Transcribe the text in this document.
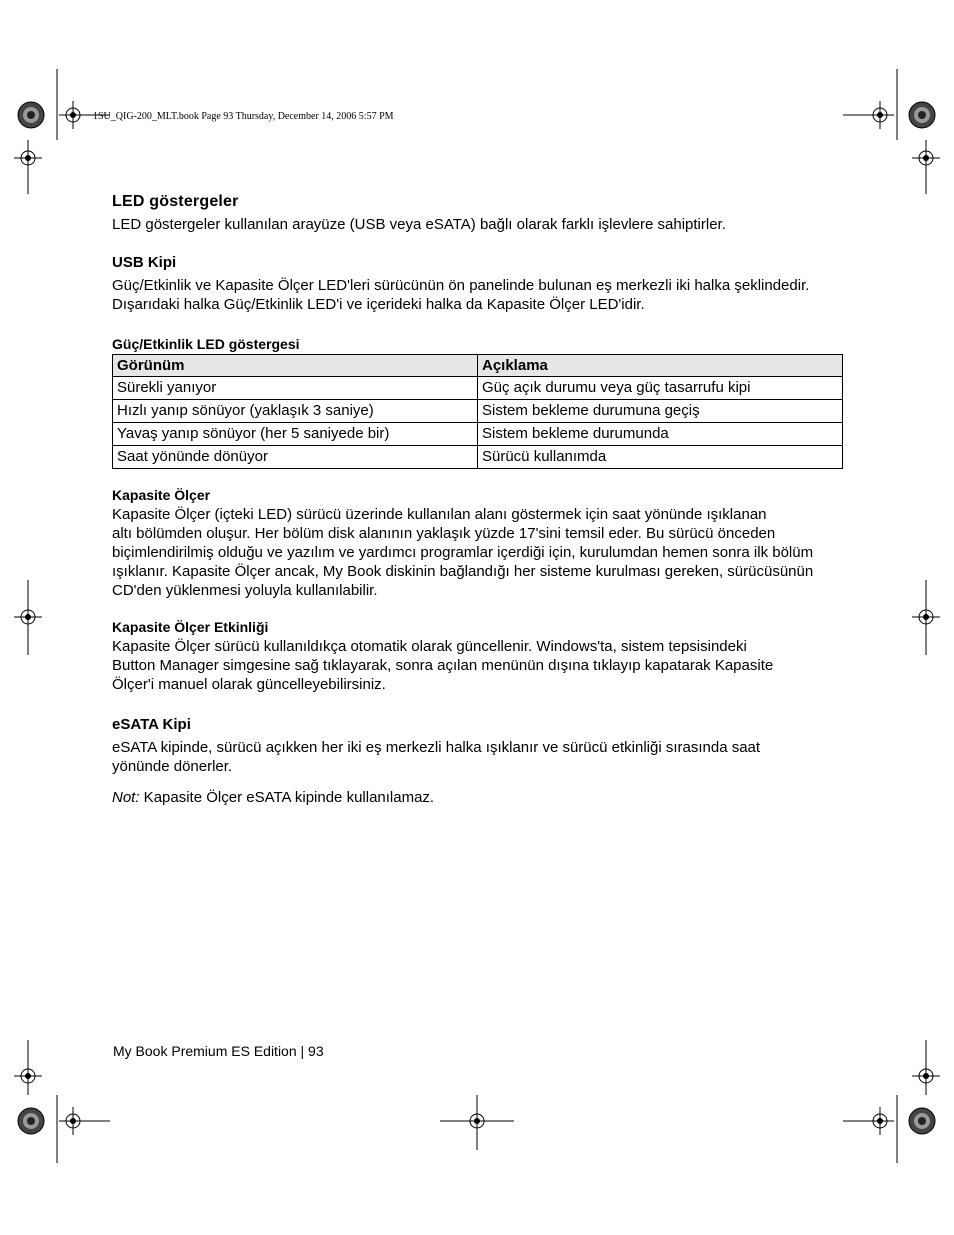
1SU_QIG-200_MLT.book Page 93 Thursday, December 14, 2006 5:57 PM
LED göstergeler

LED göstergeler kullanılan arayüze (USB veya eSATA) bağlı olarak farklı işlevlere sahiptirler.

USB Kipi

Güç/Etkinlik ve Kapasite Ölçer LED'leri sürücünün ön panelinde bulunan eş merkezli iki halka şeklindedir.
Dışarıdaki halka Güç/Etkinlik LED'i ve içerideki halka da Kapasite Ölçer LED'idir.

Güç/Etkinlik LED göstergesi
Görünüm	Açıklama
Sürekli yanıyor	Güç açık durumu veya güç tasarrufu kipi
Hızlı yanıp sönüyor (yaklaşık 3 saniye)	Sistem bekleme durumuna geçiş
Yavaş yanıp sönüyor (her 5 saniyede bir)	Sistem bekleme durumunda
Saat yönünde dönüyor	Sürücü kullanımda
Kapasite Ölçer

Kapasite Ölçer (içteki LED) sürücü üzerinde kullanılan alanı göstermek için saat yönünde ışıklanan
altı bölümden oluşur. Her bölüm disk alanının yaklaşık yüzde 17'sini temsil eder. Bu sürücü önceden
biçimlendirilmiş olduğu ve yazılım ve yardımcı programlar içerdiği için, kurulumdan hemen sonra ilk bölüm
ışıklanır. Kapasite Ölçer ancak, My Book diskinin bağlandığı her sisteme kurulması gereken, sürücüsünün
CD'den yüklenmesi yoluyla kullanılabilir.

Kapasite Ölçer Etkinliği

Kapasite Ölçer sürücü kullanıldıkça otomatik olarak güncellenir. Windows'ta, sistem tepsisindeki
Button Manager simgesine sağ tıklayarak, sonra açılan menünün dışına tıklayıp kapatarak Kapasite
Ölçer'i manuel olarak güncelleyebilirsiniz.

eSATA Kipi

eSATA kipinde, sürücü açıkken her iki eş merkezli halka ışıklanır ve sürücü etkinliği sırasında saat
yönünde dönerler.

Not: Kapasite Ölçer eSATA kipinde kullanılamaz.

My Book Premium ES Edition | 93
